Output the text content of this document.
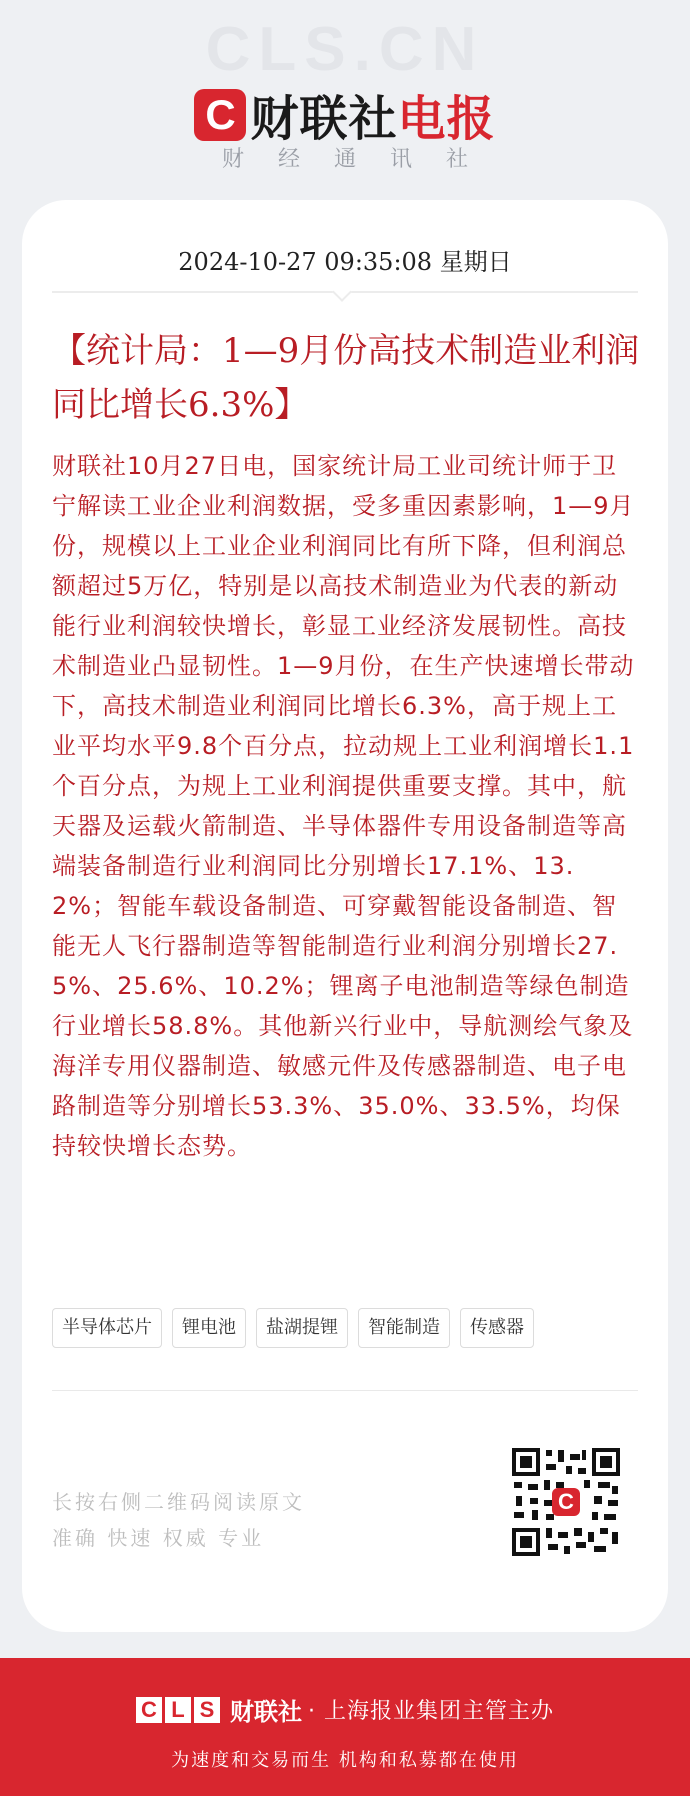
CLS.CN
C 财联社电报
财经通讯社
2024-10-27 09:35:08 星期日
【统计局：1—9月份高技术制造业利润同比增长6.3%】
财联社10月27日电，国家统计局工业司统计师于卫宁解读工业企业利润数据，受多重因素影响，1—9月份，规模以上工业企业利润同比有所下降，但利润总额超过5万亿，特别是以高技术制造业为代表的新动能行业利润较快增长，彰显工业经济发展韧性。高技术制造业凸显韧性。1—9月份，在生产快速增长带动下，高技术制造业利润同比增长6.3%，高于规上工业平均水平9.8个百分点，拉动规上工业利润增长1.1个百分点，为规上工业利润提供重要支撑。其中，航天器及运载火箭制造、半导体器件专用设备制造等高端装备制造行业利润同比分别增长17.1%、13.2%；智能车载设备制造、可穿戴智能设备制造、智能无人飞行器制造等智能制造行业利润分别增长27.5%、25.6%、10.2%；锂离子电池制造等绿色制造行业增长58.8%。其他新兴行业中，导航测绘气象及海洋专用仪器制造、敏感元件及传感器制造、电子电路制造等分别增长53.3%、35.0%、33.5%，均保持较快增长态势。
半导体芯片	锂电池	盐湖提锂	智能制造	传感器
长按右侧二维码阅读原文
准确 快速 权威 专业
C
C L S 财联社 · 上海报业集团主管主办
为速度和交易而生 机构和私募都在使用
